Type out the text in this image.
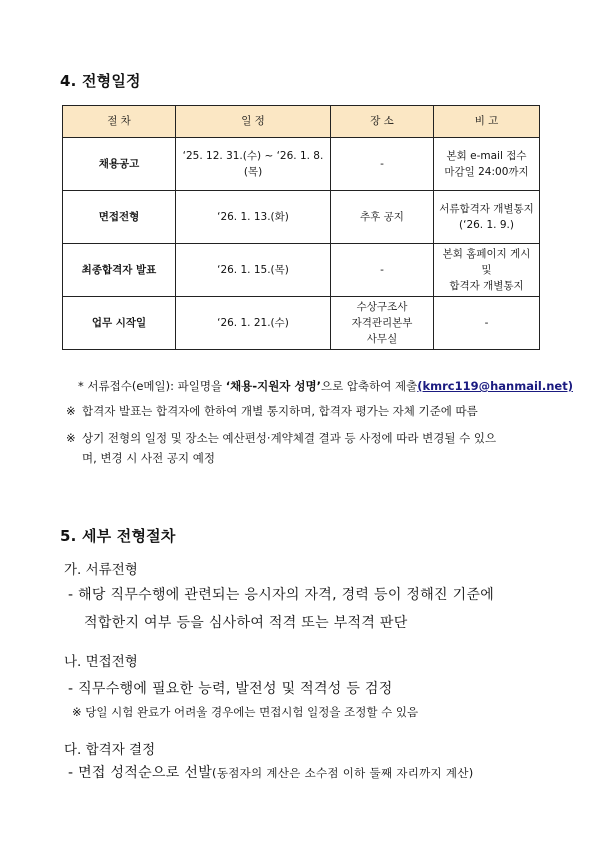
4. 전형일정
절 차	일 정	장 소	비 고
채용공고	‘25. 12. 31.(수) ~ ‘26. 1. 8.(목)	-	본회 e-mail 접수
마감일 24:00까지

면접전형	‘26. 1. 13.(화)	추후 공지	서류합격자 개별통지
(‘26. 1. 9.)

최종합격자 발표	‘26. 1. 15.(목)	-	본회 홈페이지 게시 및
합격자 개별통지

업무 시작일	‘26. 1. 21.(수)	수상구조사
자격관리본부
사무실	-
* 서류접수(e메일): 파일명을 ‘채용-지원자 성명’으로 압축하여 제출(kmrc119@hanmail.net)
※ 합격자 발표는 합격자에 한하여 개별 통지하며, 합격자 평가는 자체 기준에 따름
※ 상기 전형의 일정 및 장소는 예산편성·계약체결 결과 등 사정에 따라 변경될 수 있으
며, 변경 시 사전 공지 예정
5. 세부 전형절차
가. 서류전형
- 해당 직무수행에 관련되는 응시자의 자격, 경력 등이 정해진 기준에
적합한지 여부 등을 심사하여 적격 또는 부적격 판단
나. 면접전형
- 직무수행에 필요한 능력, 발전성 및 적격성 등 검정
※ 당일 시험 완료가 어려울 경우에는 면접시험 일정을 조정할 수 있음
다. 합격자 결정
- 면접 성적순으로 선발(동점자의 계산은 소수점 이하 둘째 자리까지 계산)
